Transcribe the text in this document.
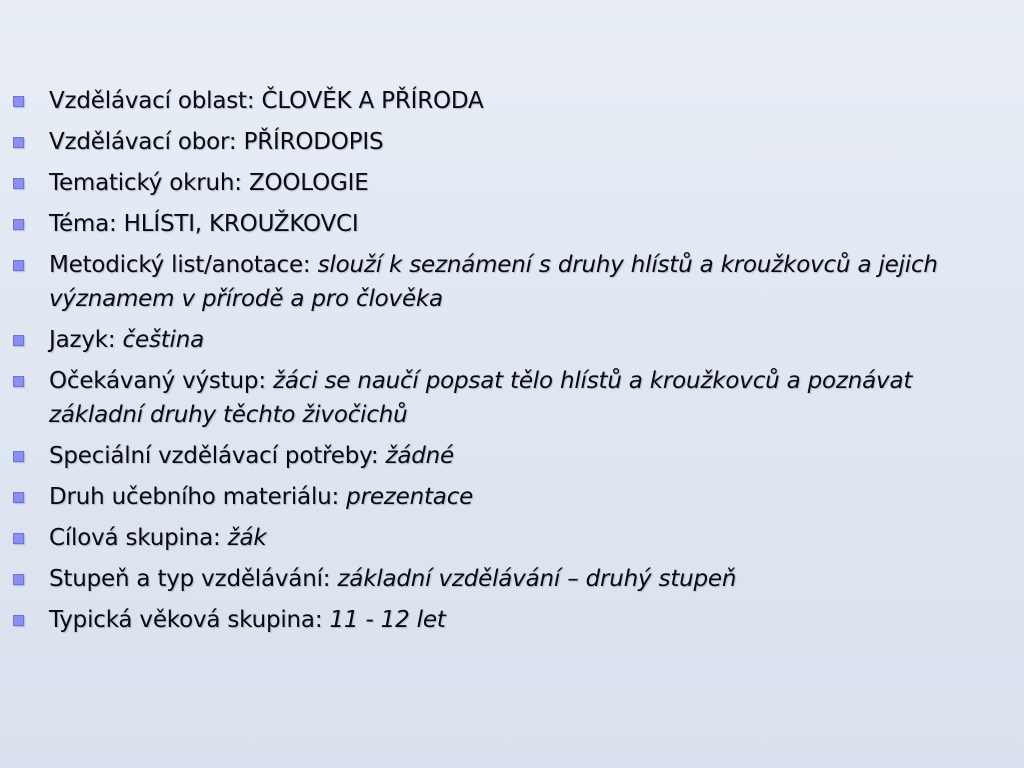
Vzdělávací oblast: ČLOVĚK A PŘÍRODA
Vzdělávací obor: PŘÍRODOPIS
Tematický okruh: ZOOLOGIE
Téma: HLÍSTI, KROUŽKOVCI
Metodický list/anotace: slouží k seznámení s druhy hlístů a kroužkovců a jejich významem v přírodě a pro člověka
Jazyk: čeština
Očekávaný výstup: žáci se naučí popsat tělo hlístů a kroužkovců a poznávat základní druhy těchto živočichů
Speciální vzdělávací potřeby: žádné
Druh učebního materiálu: prezentace
Cílová skupina: žák
Stupeň a typ vzdělávání: základní vzdělávání – druhý stupeň
Typická věková skupina: 11 - 12 let
